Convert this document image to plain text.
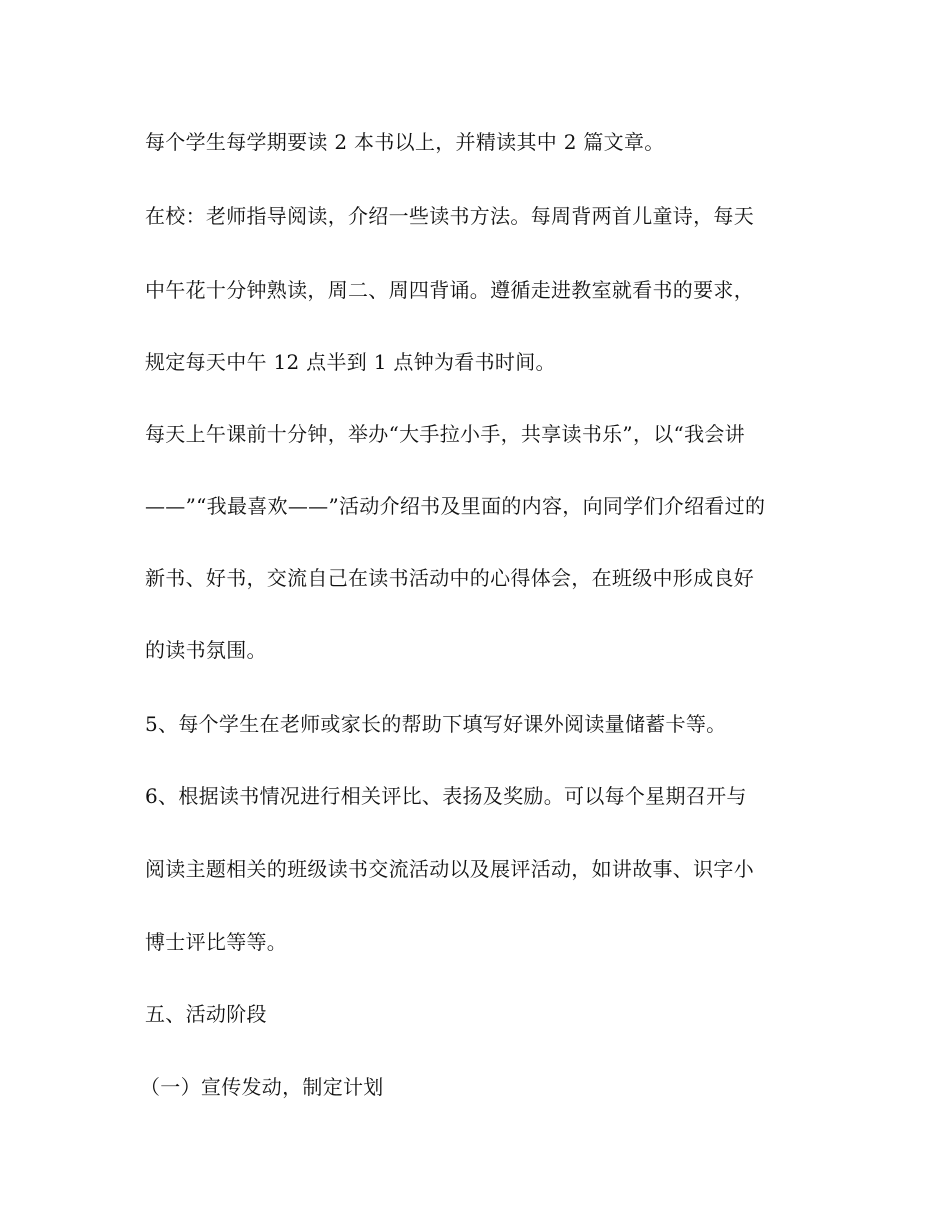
每个学生每学期要读 2 本书以上，并精读其中 2 篇文章。
在校：老师指导阅读，介绍一些读书方法。每周背两首儿童诗，每天
中午花十分钟熟读，周二、周四背诵。遵循走进教室就看书的要求，
规定每天中午 12 点半到 1 点钟为看书时间。
每天上午课前十分钟，举办“大手拉小手，共享读书乐”，以“我会讲
——”“我最喜欢——”活动介绍书及里面的内容，向同学们介绍看过的
新书、好书，交流自己在读书活动中的心得体会，在班级中形成良好
的读书氛围。
5、每个学生在老师或家长的帮助下填写好课外阅读量储蓄卡等。
6、根据读书情况进行相关评比、表扬及奖励。可以每个星期召开与
阅读主题相关的班级读书交流活动以及展评活动，如讲故事、识字小
博士评比等等。
五、活动阶段
（一）宣传发动，制定计划
